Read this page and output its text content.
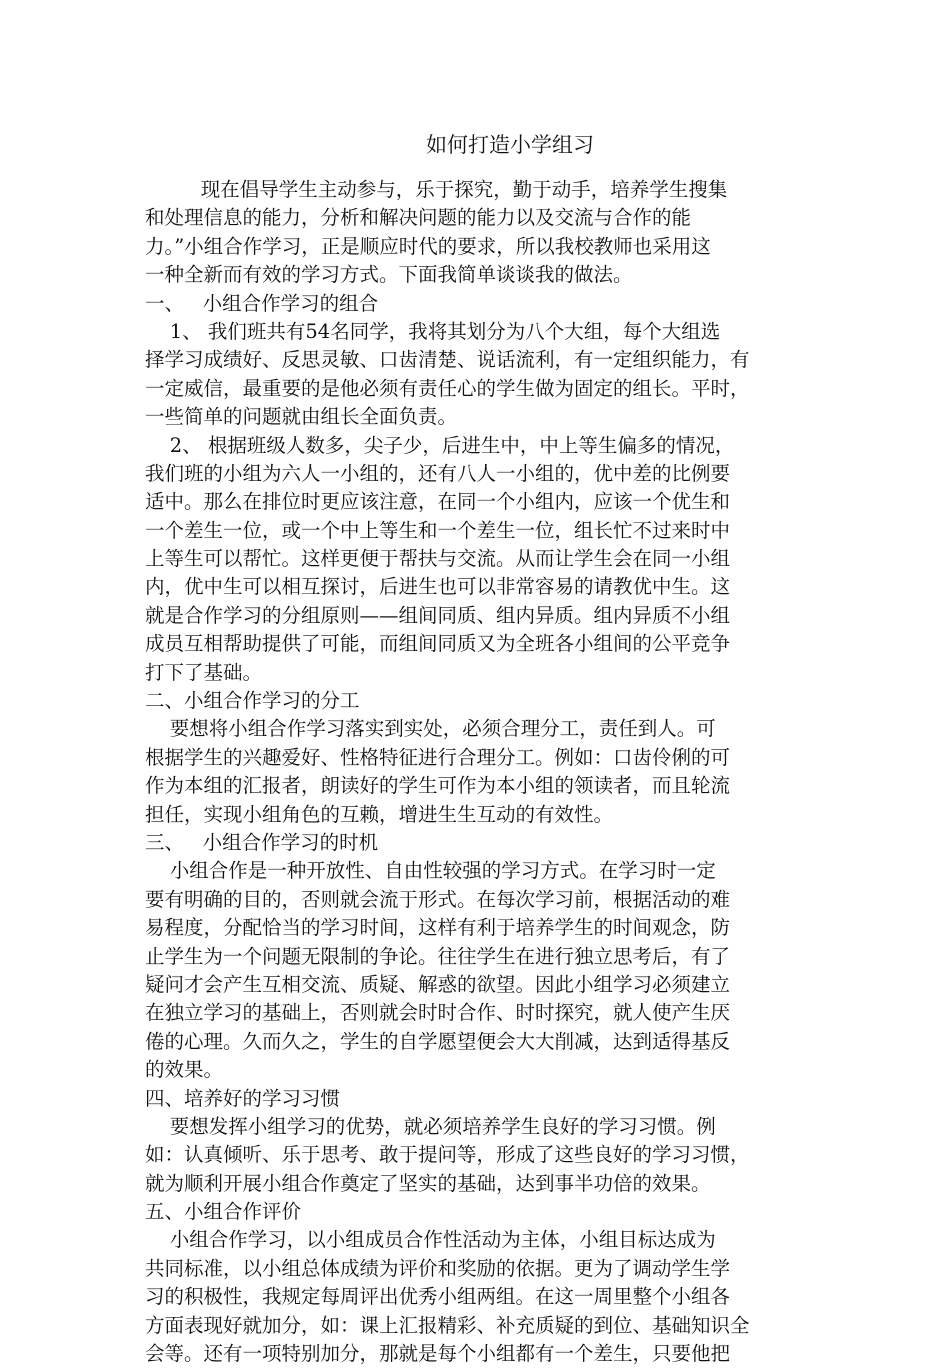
如何打造小学组习
现在倡导学生主动参与，乐于探究，勤于动手，培养学生搜集
和处理信息的能力，分析和解决问题的能力以及交流与合作的能
力。”小组合作学习，正是顺应时代的要求，所以我校教师也采用这
一种全新而有效的学习方式。下面我简单谈谈我的做法。
一、   小组合作学习的组合
1、 我们班共有54名同学，我将其划分为八个大组，每个大组选
择学习成绩好、反思灵敏、口齿清楚、说话流利，有一定组织能力，有
一定威信，最重要的是他必须有责任心的学生做为固定的组长。平时，
一些简单的问题就由组长全面负责。
2、 根据班级人数多，尖子少，后进生中，中上等生偏多的情况，
我们班的小组为六人一小组的，还有八人一小组的，优中差的比例要
适中。那么在排位时更应该注意，在同一个小组内，应该一个优生和
一个差生一位，或一个中上等生和一个差生一位，组长忙不过来时中
上等生可以帮忙。这样更便于帮扶与交流。从而让学生会在同一小组
内，优中生可以相互探讨，后进生也可以非常容易的请教优中生。这
就是合作学习的分组原则——组间同质、组内异质。组内异质不小组
成员互相帮助提供了可能，而组间同质又为全班各小组间的公平竞争
打下了基础。
二、小组合作学习的分工
要想将小组合作学习落实到实处，必须合理分工，责任到人。可
根据学生的兴趣爱好、性格特征进行合理分工。例如：口齿伶俐的可
作为本组的汇报者，朗读好的学生可作为本小组的领读者，而且轮流
担任，实现小组角色的互赖，增进生生互动的有效性。
三、   小组合作学习的时机
小组合作是一种开放性、自由性较强的学习方式。在学习时一定
要有明确的目的，否则就会流于形式。在每次学习前，根据活动的难
易程度，分配恰当的学习时间，这样有利于培养学生的时间观念，防
止学生为一个问题无限制的争论。往往学生在进行独立思考后，有了
疑问才会产生互相交流、质疑、解惑的欲望。因此小组学习必须建立
在独立学习的基础上，否则就会时时合作、时时探究，就人使产生厌
倦的心理。久而久之，学生的自学愿望便会大大削减，达到适得基反
的效果。
四、培养好的学习习惯
要想发挥小组学习的优势，就必须培养学生良好的学习习惯。例
如：认真倾听、乐于思考、敢于提问等，形成了这些良好的学习习惯，
就为顺利开展小组合作奠定了坚实的基础，达到事半功倍的效果。
五、小组合作评价
小组合作学习，以小组成员合作性活动为主体，小组目标达成为
共同标准，以小组总体成绩为评价和奖励的依据。更为了调动学生学
习的积极性，我规定每周评出优秀小组两组。在这一周里整个小组各
方面表现好就加分，如：课上汇报精彩、补充质疑的到位、基础知识全
会等。还有一项特别加分，那就是每个小组都有一个差生，只要他把
